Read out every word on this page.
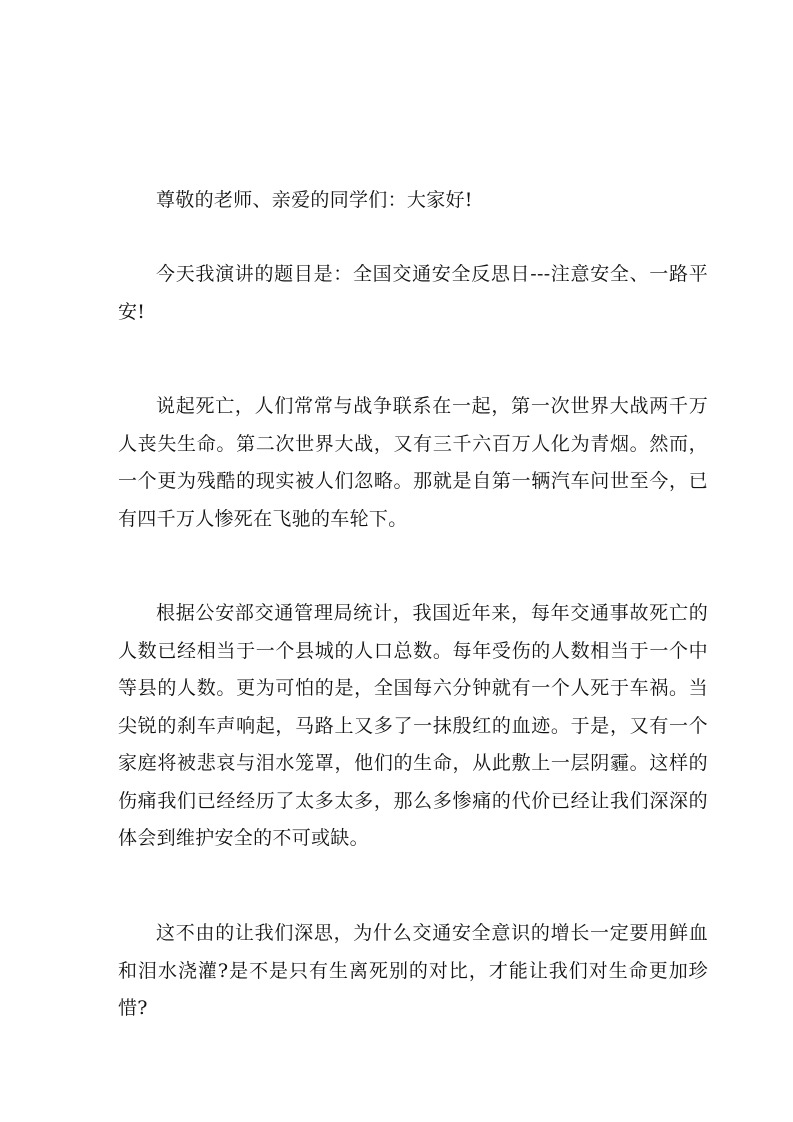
尊敬的老师、亲爱的同学们：大家好!

今天我演讲的题目是：全国交通安全反思日---注意安全、一路平安!

说起死亡，人们常常与战争联系在一起，第一次世界大战两千万人丧失生命。第二次世界大战，又有三千六百万人化为青烟。然而，一个更为残酷的现实被人们忽略。那就是自第一辆汽车问世至今，已有四千万人惨死在飞驰的车轮下。

根据公安部交通管理局统计，我国近年来，每年交通事故死亡的人数已经相当于一个县城的人口总数。每年受伤的人数相当于一个中等县的人数。更为可怕的是，全国每六分钟就有一个人死于车祸。当尖锐的刹车声响起，马路上又多了一抹殷红的血迹。于是，又有一个家庭将被悲哀与泪水笼罩，他们的生命，从此敷上一层阴霾。这样的伤痛我们已经经历了太多太多，那么多惨痛的代价已经让我们深深的体会到维护安全的不可或缺。

这不由的让我们深思，为什么交通安全意识的增长一定要用鲜血和泪水浇灌?是不是只有生离死别的对比，才能让我们对生命更加珍惜?
